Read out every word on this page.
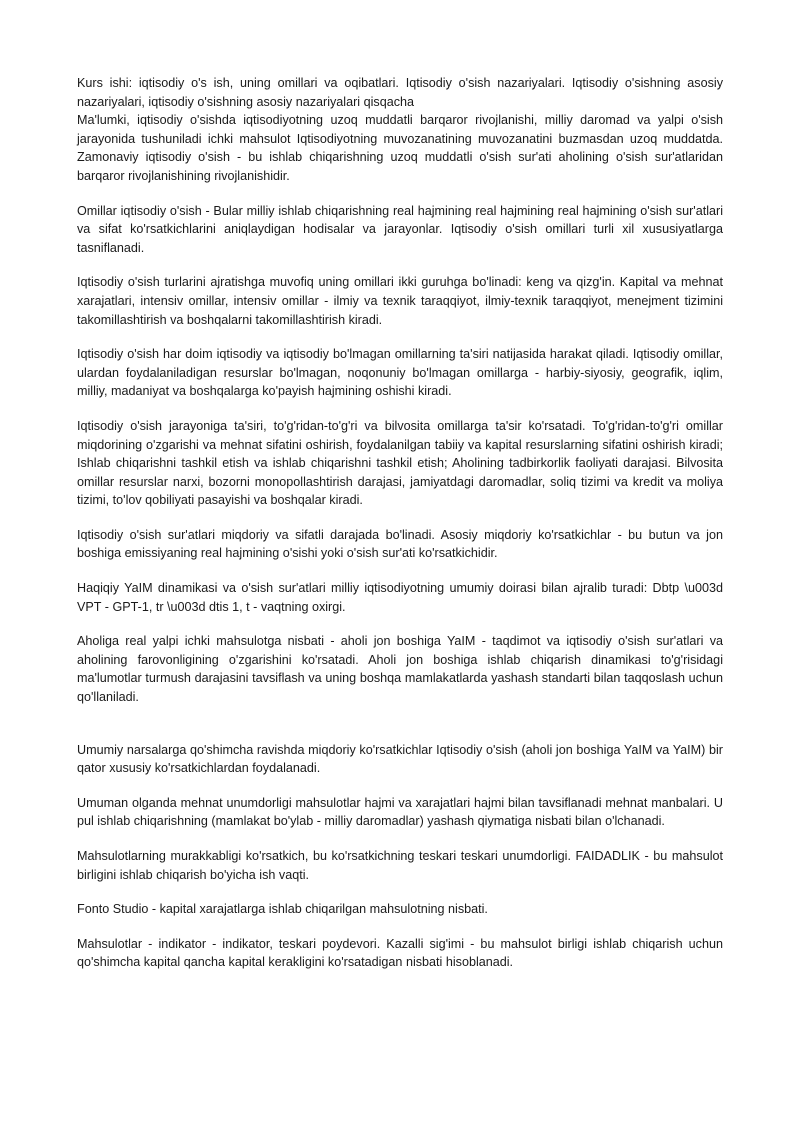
Kurs ishi: iqtisodiy o's ish, uning omillari va oqibatlari. Iqtisodiy o'sish nazariyalari. Iqtisodiy o'sishning asosiy nazariyalari, iqtisodiy o'sishning asosiy nazariyalari qisqacha
Ma'lumki, iqtisodiy o'sishda iqtisodiyotning uzoq muddatli barqaror rivojlanishi, milliy daromad va yalpi o'sish jarayonida tushuniladi ichki mahsulot Iqtisodiyotning muvozanatining muvozanatini buzmasdan uzoq muddatda. Zamonaviy iqtisodiy o'sish - bu ishlab chiqarishning uzoq muddatli o'sish sur'ati aholining o'sish sur'atlaridan barqaror rivojlanishining rivojlanishidir.

Omillar iqtisodiy o'sish - Bular milliy ishlab chiqarishning real hajmining real hajmining real hajmining o'sish sur'atlari va sifat ko'rsatkichlarini aniqlaydigan hodisalar va jarayonlar. Iqtisodiy o'sish omillari turli xil xususiyatlarga tasniflanadi.

Iqtisodiy o'sish turlarini ajratishga muvofiq uning omillari ikki guruhga bo'linadi: keng va qizg'in. Kapital va mehnat xarajatlari, intensiv omillar, intensiv omillar - ilmiy va texnik taraqqiyot, ilmiy-texnik taraqqiyot, menejment tizimini takomillashtirish va boshqalarni takomillashtirish kiradi.

Iqtisodiy o'sish har doim iqtisodiy va iqtisodiy bo'lmagan omillarning ta'siri natijasida harakat qiladi. Iqtisodiy omillar, ulardan foydalaniladigan resurslar bo'lmagan, noqonuniy bo'lmagan omillarga - harbiy-siyosiy, geografik, iqlim, milliy, madaniyat va boshqalarga ko'payish hajmining oshishi kiradi.

Iqtisodiy o'sish jarayoniga ta'siri, to'g'ridan-to'g'ri va bilvosita omillarga ta'sir ko'rsatadi. To'g'ridan-to'g'ri omillar miqdorining o'zgarishi va mehnat sifatini oshirish, foydalanilgan tabiiy va kapital resurslarning sifatini oshirish kiradi; Ishlab chiqarishni tashkil etish va ishlab chiqarishni tashkil etish; Aholining tadbirkorlik faoliyati darajasi. Bilvosita omillar resurslar narxi, bozorni monopollashtirish darajasi, jamiyatdagi daromadlar, soliq tizimi va kredit va moliya tizimi, to'lov qobiliyati pasayishi va boshqalar kiradi.

Iqtisodiy o'sish sur'atlari miqdoriy va sifatli darajada bo'linadi. Asosiy miqdoriy ko'rsatkichlar - bu butun va jon boshiga emissiyaning real hajmining o'sishi yoki o'sish sur'ati ko'rsatkichidir.

Haqiqiy YaIM dinamikasi va o'sish sur'atlari milliy iqtisodiyotning umumiy doirasi bilan ajralib turadi: Dbtp \u003d VPT - GPT-1, tr \u003d dtis 1, t - vaqtning oxirgi.

Aholiga real yalpi ichki mahsulotga nisbati - aholi jon boshiga YaIM - taqdimot va iqtisodiy o'sish sur'atlari va aholining farovonligining o'zgarishini ko'rsatadi. Aholi jon boshiga ishlab chiqarish dinamikasi to'g'risidagi ma'lumotlar turmush darajasini tavsiflash va uning boshqa mamlakatlarda yashash standarti bilan taqqoslash uchun qo'llaniladi.

Umumiy narsalarga qo'shimcha ravishda miqdoriy ko'rsatkichlar Iqtisodiy o'sish (aholi jon boshiga YaIM va YaIM) bir qator xususiy ko'rsatkichlardan foydalanadi.

Umuman olganda mehnat unumdorligi mahsulotlar hajmi va xarajatlari hajmi bilan tavsiflanadi mehnat manbalari. U pul ishlab chiqarishning (mamlakat bo'ylab - milliy daromadlar) yashash qiymatiga nisbati bilan o'lchanadi.

Mahsulotlarning murakkabligi ko'rsatkich, bu ko'rsatkichning teskari teskari unumdorligi. FAIDADLIK - bu mahsulot birligini ishlab chiqarish bo'yicha ish vaqti.

Fonto Studio - kapital xarajatlarga ishlab chiqarilgan mahsulotning nisbati.

Mahsulotlar - indikator - indikator, teskari poydevori. Kazalli sig'imi - bu mahsulot birligi ishlab chiqarish uchun qo'shimcha kapital qancha kapital kerakligini ko'rsatadigan nisbati hisoblanadi.
